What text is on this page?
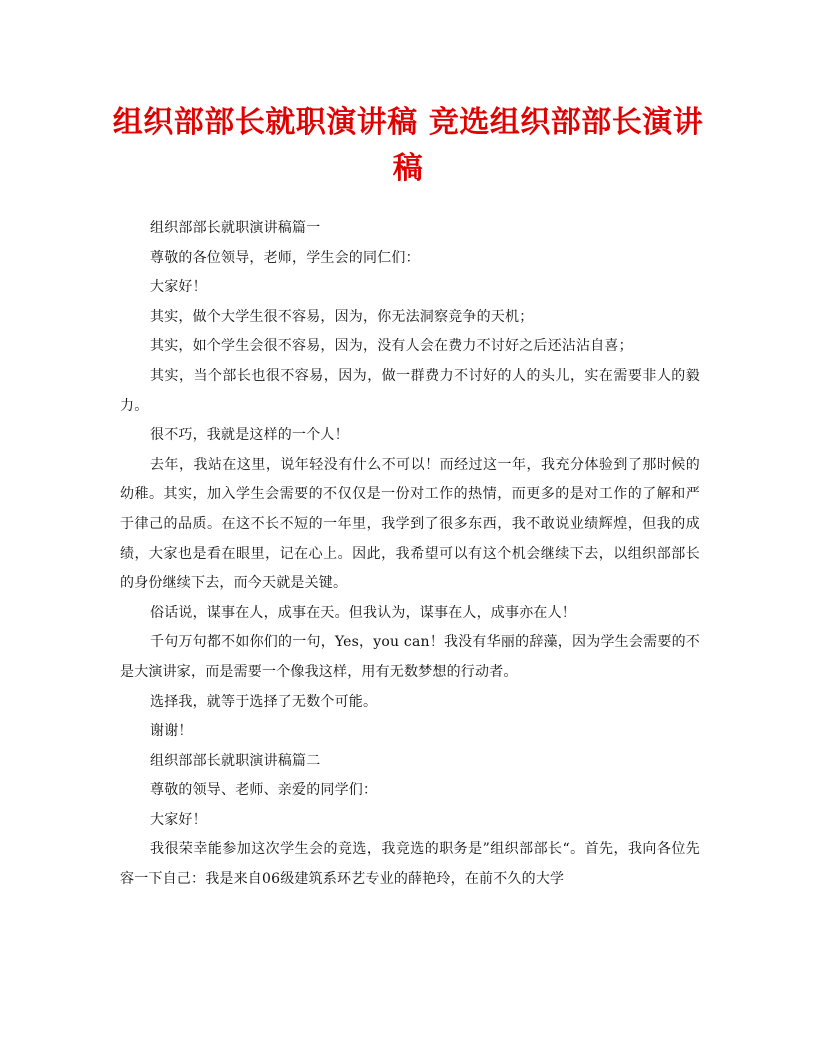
组织部部长就职演讲稿 竞选组织部部长演讲稿

组织部部长就职演讲稿篇一

尊敬的各位领导，老师，学生会的同仁们：

大家好！

其实，做个大学生很不容易，因为，你无法洞察竞争的天机；

其实，如个学生会很不容易，因为，没有人会在费力不讨好之后还沾沾自喜；

其实，当个部长也很不容易，因为，做一群费力不讨好的人的头儿，实在需要非人的毅力。

很不巧，我就是这样的一个人！

去年，我站在这里，说年轻没有什么不可以！而经过这一年，我充分体验到了那时候的幼稚。其实，加入学生会需要的不仅仅是一份对工作的热情，而更多的是对工作的了解和严于律己的品质。在这不长不短的一年里，我学到了很多东西，我不敢说业绩辉煌，但我的成绩，大家也是看在眼里，记在心上。因此，我希望可以有这个机会继续下去，以组织部部长的身份继续下去，而今天就是关键。

俗话说，谋事在人，成事在天。但我认为，谋事在人，成事亦在人！

千句万句都不如你们的一句，Yes，you can！我没有华丽的辞藻，因为学生会需要的不是大演讲家，而是需要一个像我这样，用有无数梦想的行动者。

选择我，就等于选择了无数个可能。

谢谢！

组织部部长就职演讲稿篇二

尊敬的领导、老师、亲爱的同学们：

大家好！

我很荣幸能参加这次学生会的竞选，我竞选的职务是”组织部部长“。首先，我向各位先容一下自己：我是来自06级建筑系环艺专业的薛艳玲，在前不久的大学
